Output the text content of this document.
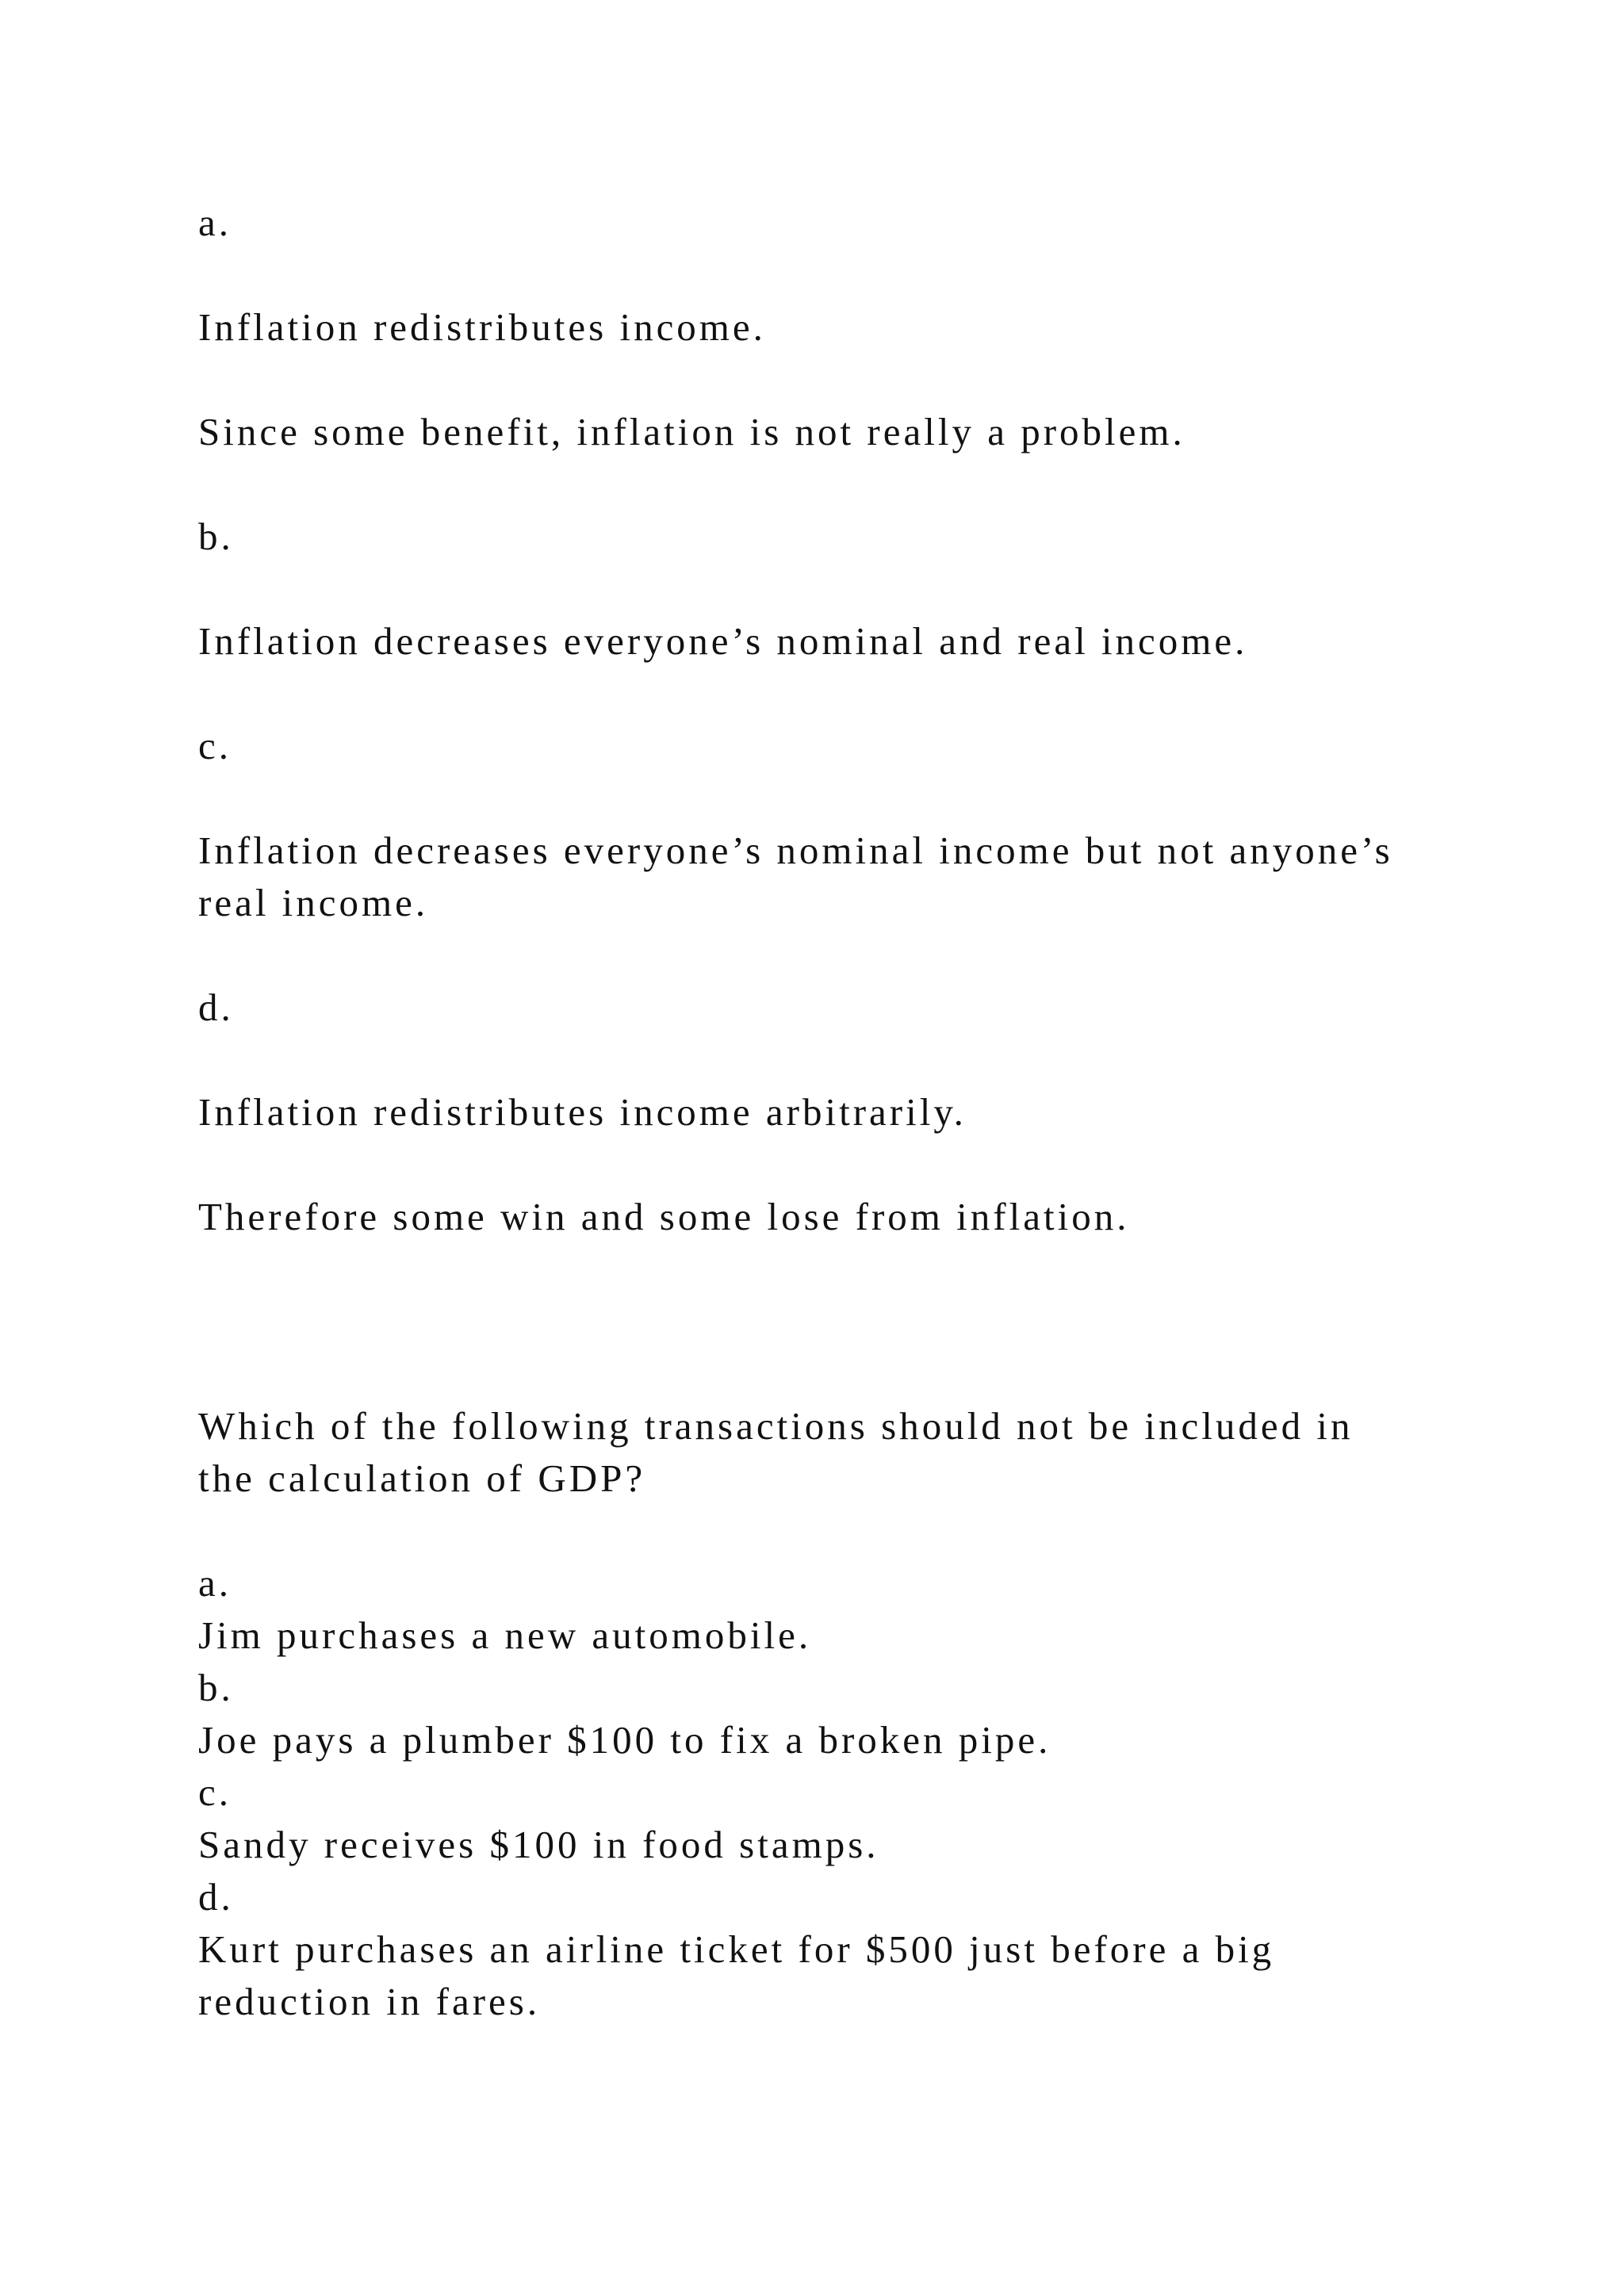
a.

Inflation redistributes income.

Since some benefit, inflation is not really a problem.

b.

Inflation decreases everyone’s nominal and real income.

c.

Inflation decreases everyone’s nominal income but not anyone’s

real income.

d.

Inflation redistributes income arbitrarily.

Therefore some win and some lose from inflation.

Which of the following transactions should not be included in

the calculation of GDP?

a.

Jim purchases a new automobile.

b.

Joe pays a plumber $100 to fix a broken pipe.

c.

Sandy receives $100 in food stamps.

d.

Kurt purchases an airline ticket for $500 just before a big

reduction in fares.
